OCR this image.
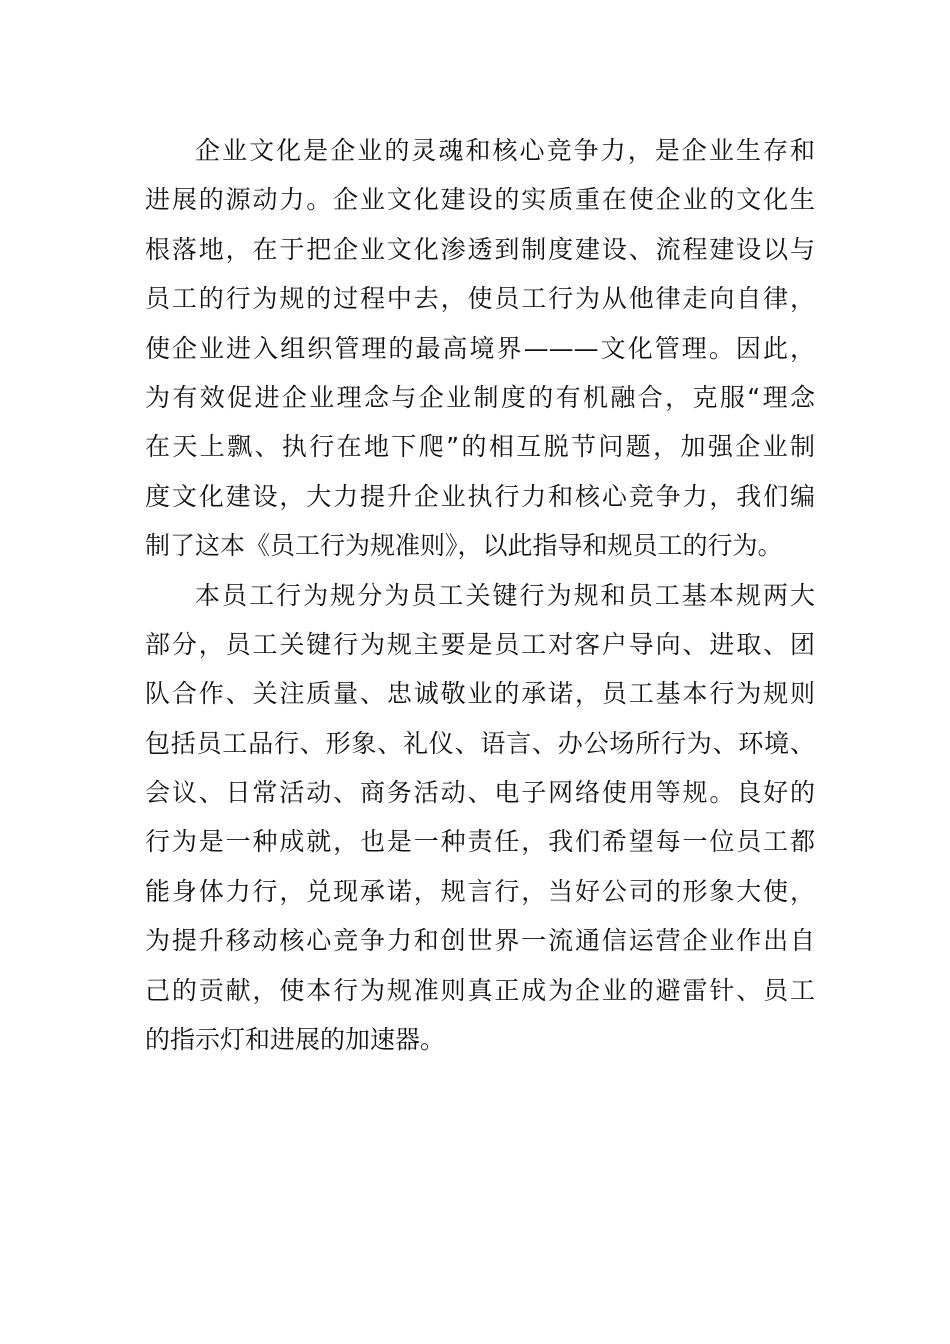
企业文化是企业的灵魂和核心竞争力，是企业生存和
进展的源动力。企业文化建设的实质重在使企业的文化生
根落地，在于把企业文化渗透到制度建设、流程建设以与
员工的行为规的过程中去，使员工行为从他律走向自律，
使企业进入组织管理的最高境界———文化管理。因此，
为有效促进企业理念与企业制度的有机融合，克服“理念
在天上飘、执行在地下爬”的相互脱节问题，加强企业制
度文化建设，大力提升企业执行力和核心竞争力，我们编
制了这本《员工行为规准则》，以此指导和规员工的行为。
本员工行为规分为员工关键行为规和员工基本规两大
部分，员工关键行为规主要是员工对客户导向、进取、团
队合作、关注质量、忠诚敬业的承诺，员工基本行为规则
包括员工品行、形象、礼仪、语言、办公场所行为、环境、
会议、日常活动、商务活动、电子网络使用等规。良好的
行为是一种成就，也是一种责任，我们希望每一位员工都
能身体力行，兑现承诺，规言行，当好公司的形象大使，
为提升移动核心竞争力和创世界一流通信运营企业作出自
己的贡献，使本行为规准则真正成为企业的避雷针、员工
的指示灯和进展的加速器。
